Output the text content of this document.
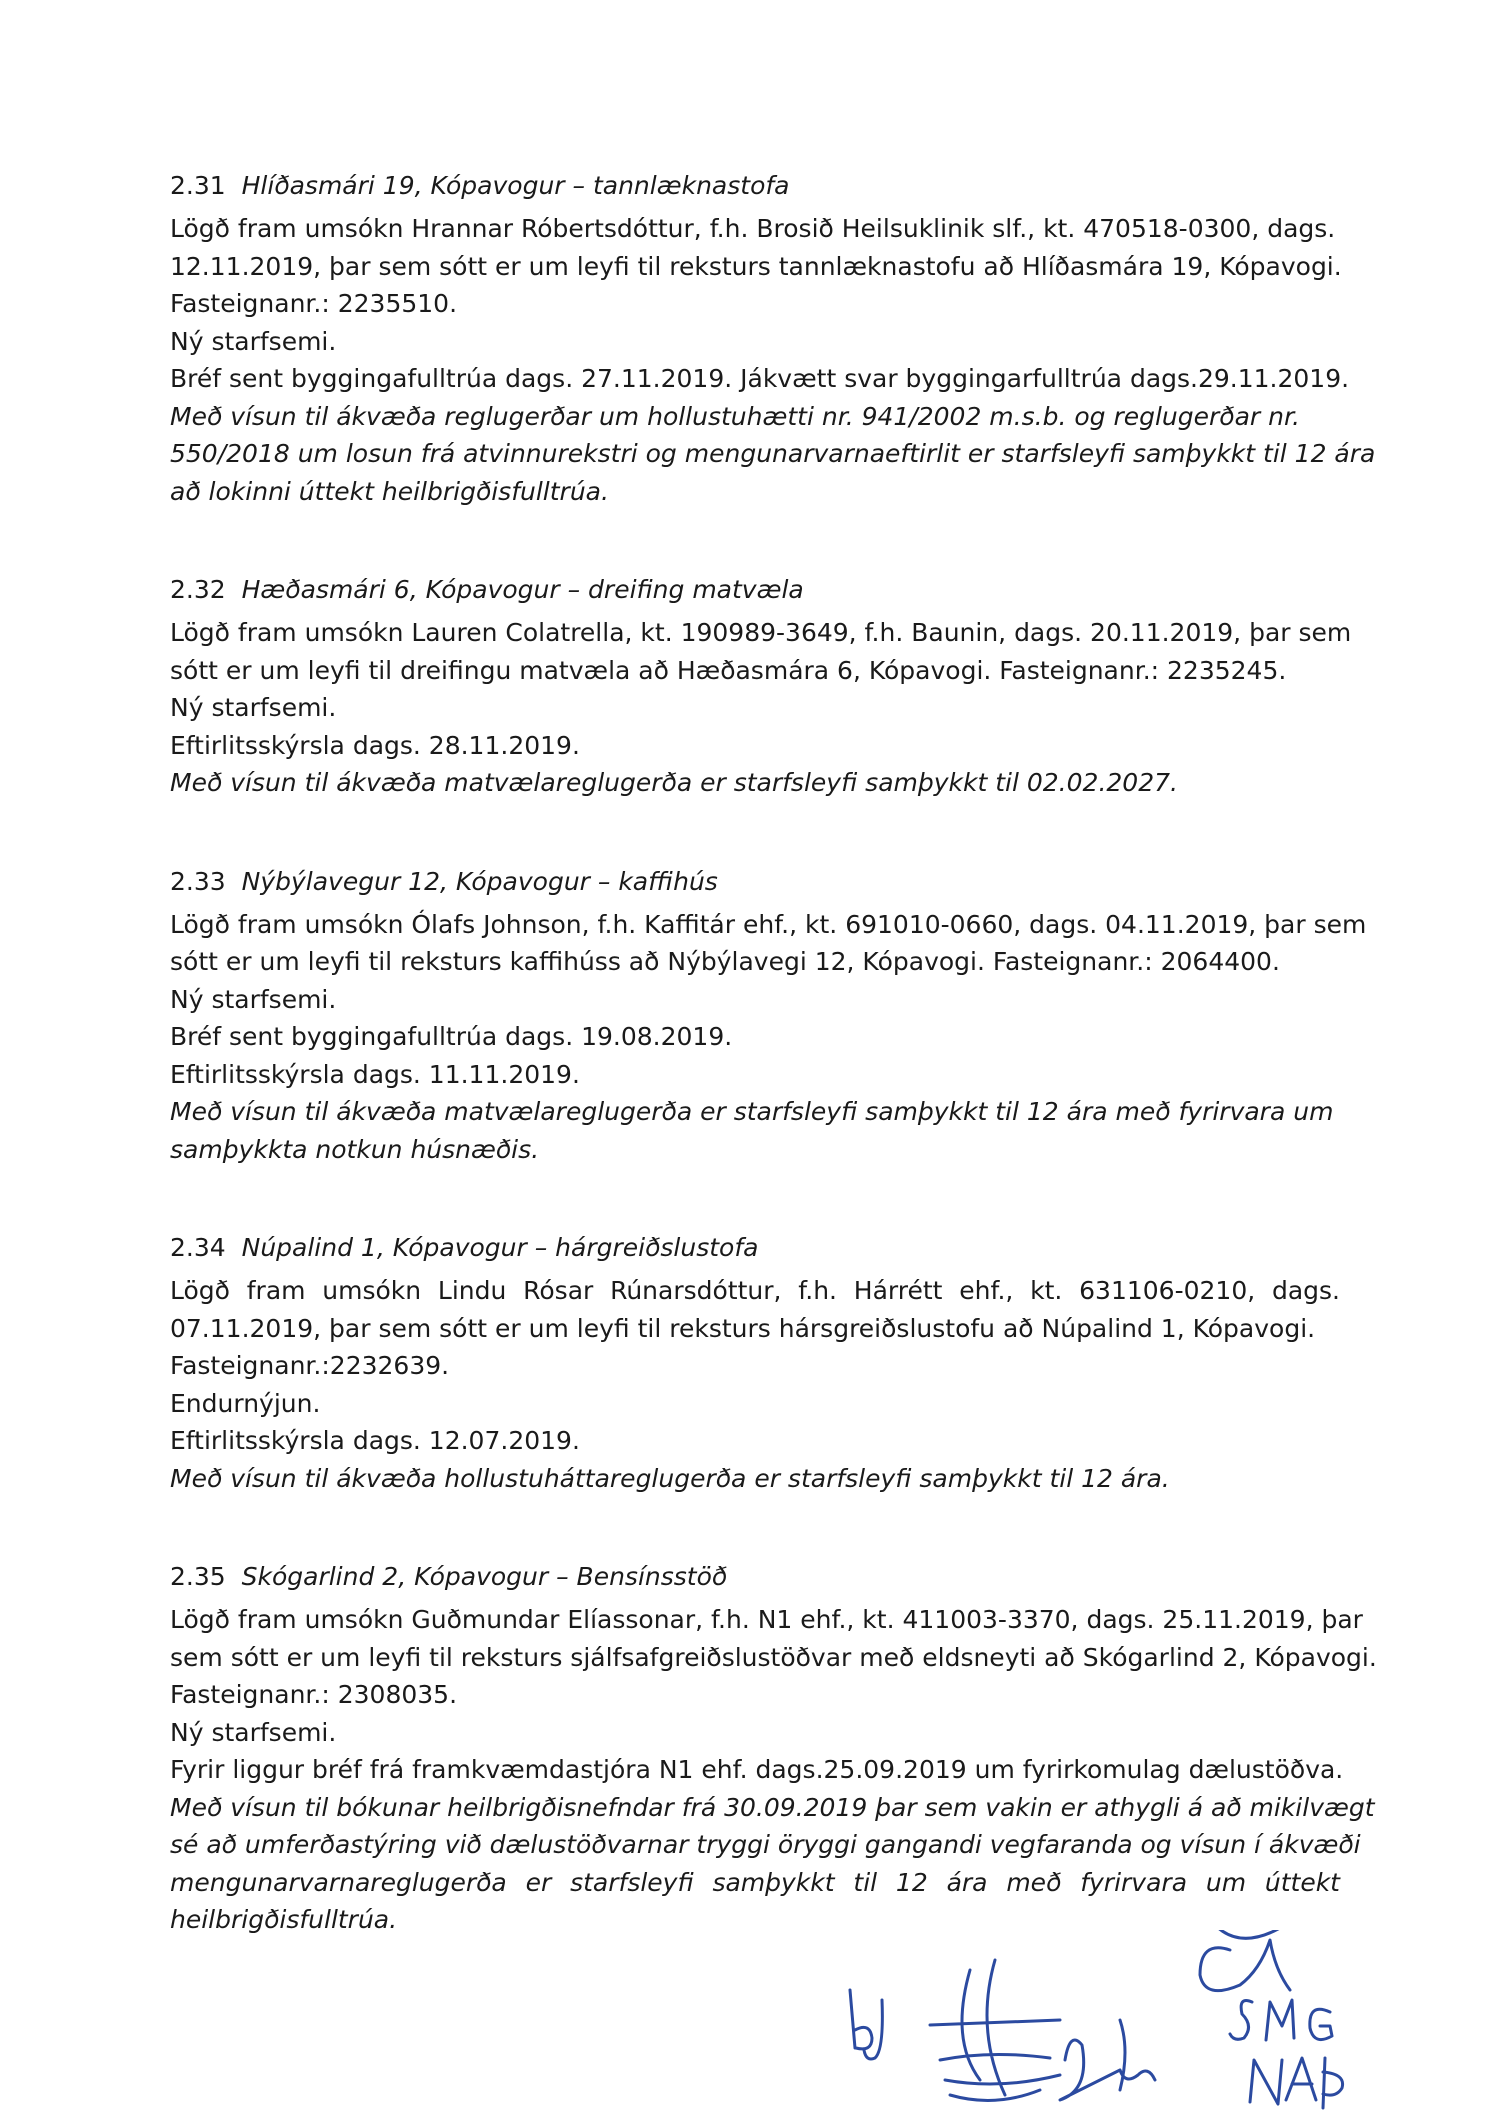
2.31 Hlíðasmári 19, Kópavogur – tannlæknastofa
Lögð fram umsókn Hrannar Róbertsdóttur, f.h. Brosið Heilsuklinik slf., kt. 470518-0300, dags.
12.11.2019, þar sem sótt er um leyfi til reksturs tannlæknastofu að Hlíðasmára 19, Kópavogi.
Fasteignanr.: 2235510.
Ný starfsemi.
Bréf sent byggingafulltrúa dags. 27.11.2019. Jákvætt svar byggingarfulltrúa dags.29.11.2019.
Með vísun til ákvæða reglugerðar um hollustuhætti nr. 941/2002 m.s.b. og reglugerðar nr.
550/2018 um losun frá atvinnurekstri og mengunarvarnaeftirlit er starfsleyfi samþykkt til 12 ára
að lokinni úttekt heilbrigðisfulltrúa.
2.32 Hæðasmári 6, Kópavogur – dreifing matvæla
Lögð fram umsókn Lauren Colatrella, kt. 190989-3649, f.h. Baunin, dags. 20.11.2019, þar sem
sótt er um leyfi til dreifingu matvæla að Hæðasmára 6, Kópavogi. Fasteignanr.: 2235245.
Ný starfsemi.
Eftirlitsskýrsla dags. 28.11.2019.
Með vísun til ákvæða matvælareglugerða er starfsleyfi samþykkt til 02.02.2027.
2.33 Nýbýlavegur 12, Kópavogur – kaffihús
Lögð fram umsókn Ólafs Johnson, f.h. Kaffitár ehf., kt. 691010-0660, dags. 04.11.2019, þar sem
sótt er um leyfi til reksturs kaffihúss að Nýbýlavegi 12, Kópavogi. Fasteignanr.: 2064400.
Ný starfsemi.
Bréf sent byggingafulltrúa dags. 19.08.2019.
Eftirlitsskýrsla dags. 11.11.2019.
Með vísun til ákvæða matvælareglugerða er starfsleyfi samþykkt til 12 ára með fyrirvara um
samþykkta notkun húsnæðis.
2.34 Núpalind 1, Kópavogur – hárgreiðslustofa
Lögð fram umsókn Lindu Rósar Rúnarsdóttur, f.h. Hárrétt ehf., kt. 631106-0210, dags.
07.11.2019, þar sem sótt er um leyfi til reksturs hársgreiðslustofu að Núpalind 1, Kópavogi.
Fasteignanr.:2232639.
Endurnýjun.
Eftirlitsskýrsla dags. 12.07.2019.
Með vísun til ákvæða hollustuháttareglugerða er starfsleyfi samþykkt til 12 ára.
2.35 Skógarlind 2, Kópavogur – Bensínsstöð
Lögð fram umsókn Guðmundar Elíassonar, f.h. N1 ehf., kt. 411003-3370, dags. 25.11.2019, þar
sem sótt er um leyfi til reksturs sjálfsafgreiðslustöðvar með eldsneyti að Skógarlind 2, Kópavogi.
Fasteignanr.: 2308035.
Ný starfsemi.
Fyrir liggur bréf frá framkvæmdastjóra N1 ehf. dags.25.09.2019 um fyrirkomulag dælustöðva.
Með vísun til bókunar heilbrigðisnefndar frá 30.09.2019 þar sem vakin er athygli á að mikilvægt
sé að umferðastýring við dælustöðvarnar tryggi öryggi gangandi vegfaranda og vísun í ákvæði
mengunarvarnareglugerða er starfsleyfi samþykkt til 12 ára með fyrirvara um úttekt
heilbrigðisfulltrúa.
